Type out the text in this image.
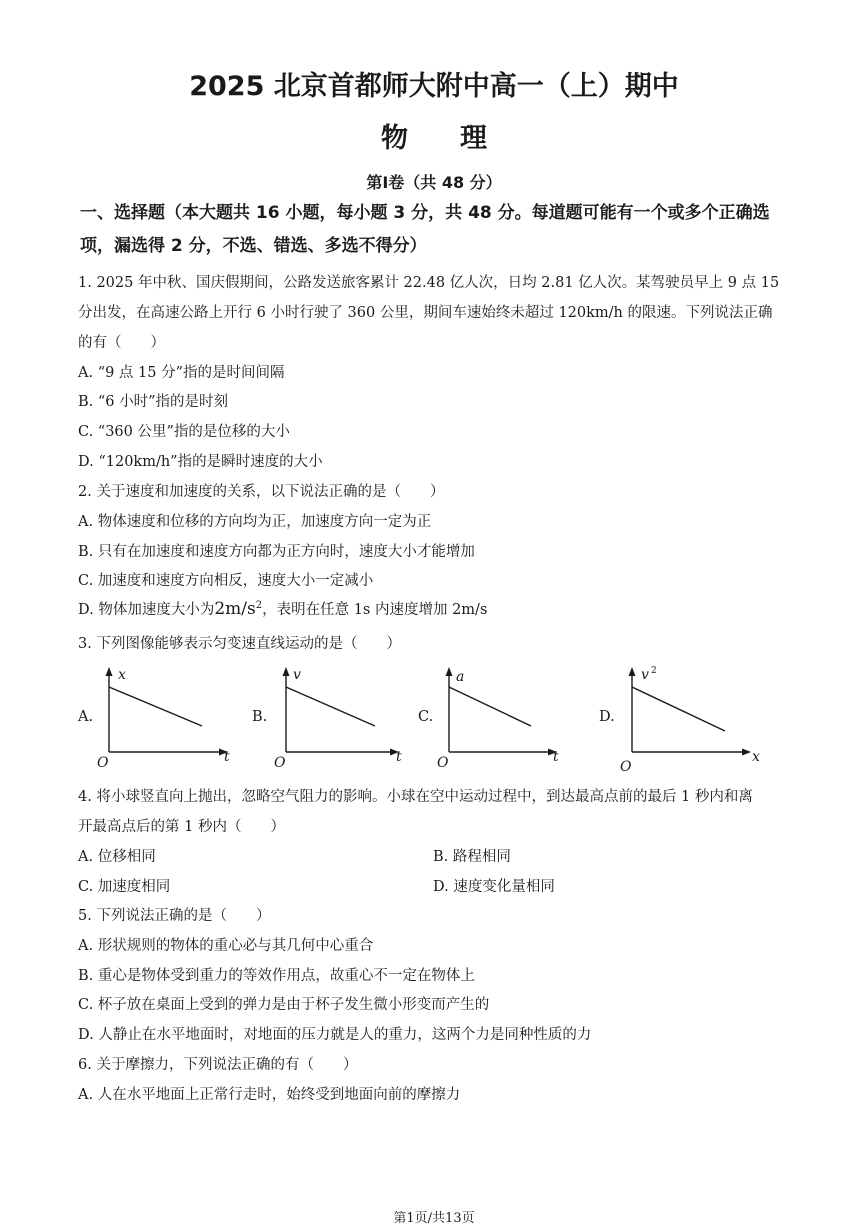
2025 北京首都师大附中高一（上）期中
物理
第Ⅰ卷（共 48 分）
一、选择题（本大题共 16 小题，每小题 3 分，共 48 分。每道题可能有一个或多个正确选
项，漏选得 2 分，不选、错选、多选不得分）
1. 2025 年中秋、国庆假期间，公路发送旅客累计 22.48 亿人次，日均 2.81 亿人次。某驾驶员早上 9 点 15
分出发，在高速公路上开行 6 小时行驶了 360 公里，期间车速始终未超过 120km/h 的限速。下列说法正确
的有（　　）
A. “9 点 15 分”指的是时间间隔
B. “6 小时”指的是时刻
C. “360 公里”指的是位移的大小
D. “120km/h”指的是瞬时速度的大小
2. 关于速度和加速度的关系，以下说法正确的是（　　）
A. 物体速度和位移的方向均为正，加速度方向一定为正
B. 只有在加速度和速度方向都为正方向时，速度大小才能增加
C. 加速度和速度方向相反，速度大小一定减小
D. 物体加速度大小为$2m/s^2$，表明在任意 1s 内速度增加 2m/s
3. 下列图像能够表示匀变速直线运动的是（　　）
A.
x
t
O
B.
v
t
O
C.
a
t
O
D.
v 2
x
O
4. 将小球竖直向上抛出，忽略空气阻力的影响。小球在空中运动过程中，到达最高点前的最后 1 秒内和离
开最高点后的第 1 秒内（　　）
A. 位移相同	B. 路程相同
C. 加速度相同	D. 速度变化量相同
5. 下列说法正确的是（　　）
A. 形状规则的物体的重心必与其几何中心重合
B. 重心是物体受到重力的等效作用点，故重心不一定在物体上
C. 杯子放在桌面上受到的弹力是由于杯子发生微小形变而产生的
D. 人静止在水平地面时，对地面的压力就是人的重力，这两个力是同种性质的力
6. 关于摩擦力，下列说法正确的有（　　）
A. 人在水平地面上正常行走时，始终受到地面向前的摩擦力
第1页/共13页
